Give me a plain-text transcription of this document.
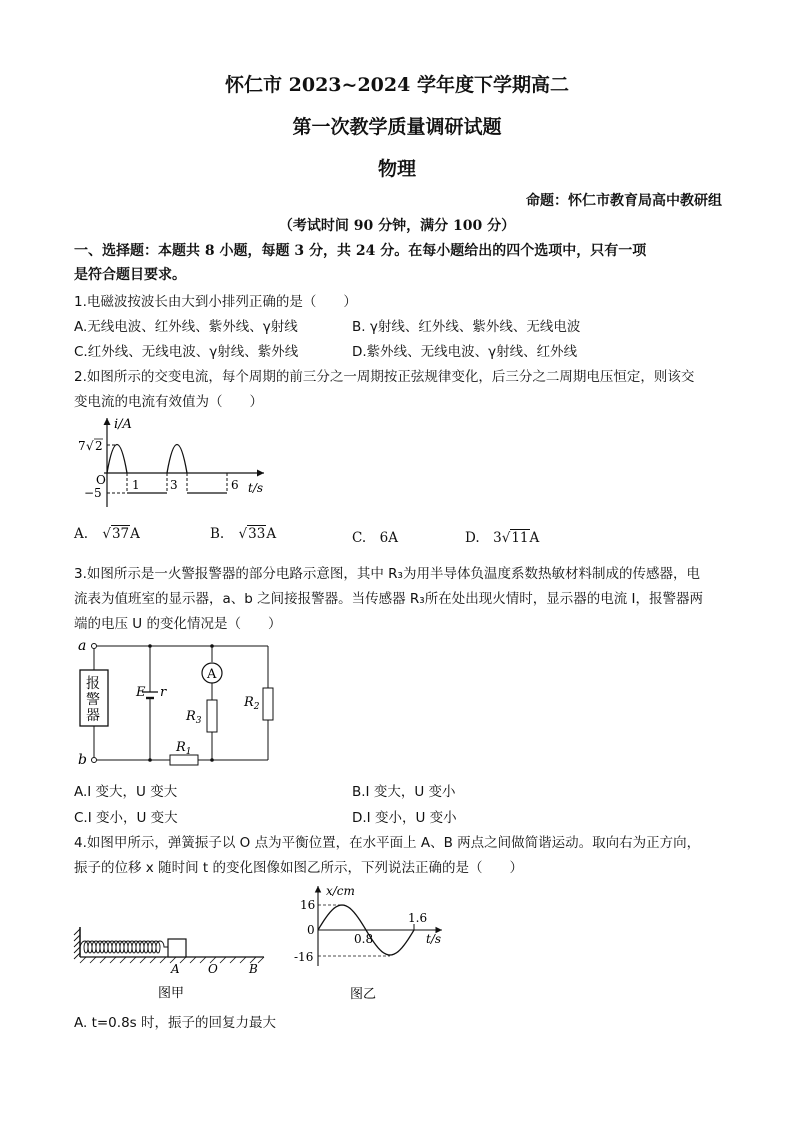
怀仁市 2023~2024 学年度下学期高二
第一次教学质量调研试题
物理
命题：怀仁市教育局高中教研组
（考试时间 90 分钟，满分 100 分）
一、选择题：本题共 8 小题，每题 3 分，共 24 分。在每小题给出的四个选项中，只有一项
是符合题目要求。
1.电磁波按波长由大到小排列正确的是（　　）
A.无线电波、红外线、紫外线、γ射线	B. γ射线、红外线、紫外线、无线电波
C.红外线、无线电波、γ射线、紫外线	D.紫外线、无线电波、γ射线、红外线
2.如图所示的交变电流，每个周期的前三分之一周期按正弦规律变化，后三分之二周期电压恒定，则该交
变电流的电流有效值为（　　）
i/A
7 √ 2
O
−5
1	3	6 t/s
A. √37A	B. √33A	C.　6A	D.　3√11A
3.如图所示是一火警报警器的部分电路示意图，其中 R₃为用半导体负温度系数热敏材料制成的传感器，电
流表为值班室的显示器，a、b 之间接报警器。当传感器 R₃所在处出现火情时，显示器的电流 I，报警器两
端的电压 U 的变化情况是（　　）
a
b
报
警
器
$R_1$
E r
A
$R_3$
$R_2$
A.I 变大，U 变大	B.I 变大，U 变小
C.I 变小，U 变大	D.I 变小，U 变小
4.如图甲所示，弹簧振子以 O 点为平衡位置，在水平面上 A、B 两点之间做简谐运动。取向右为正方向，
振子的位移 x 随时间 t 的变化图像如图乙所示，下列说法正确的是（　　）
A O	B
图甲
x/cm
16
0
-16
0.8
1.6
t/s
图乙
A. t=0.8s 时，振子的回复力最大
